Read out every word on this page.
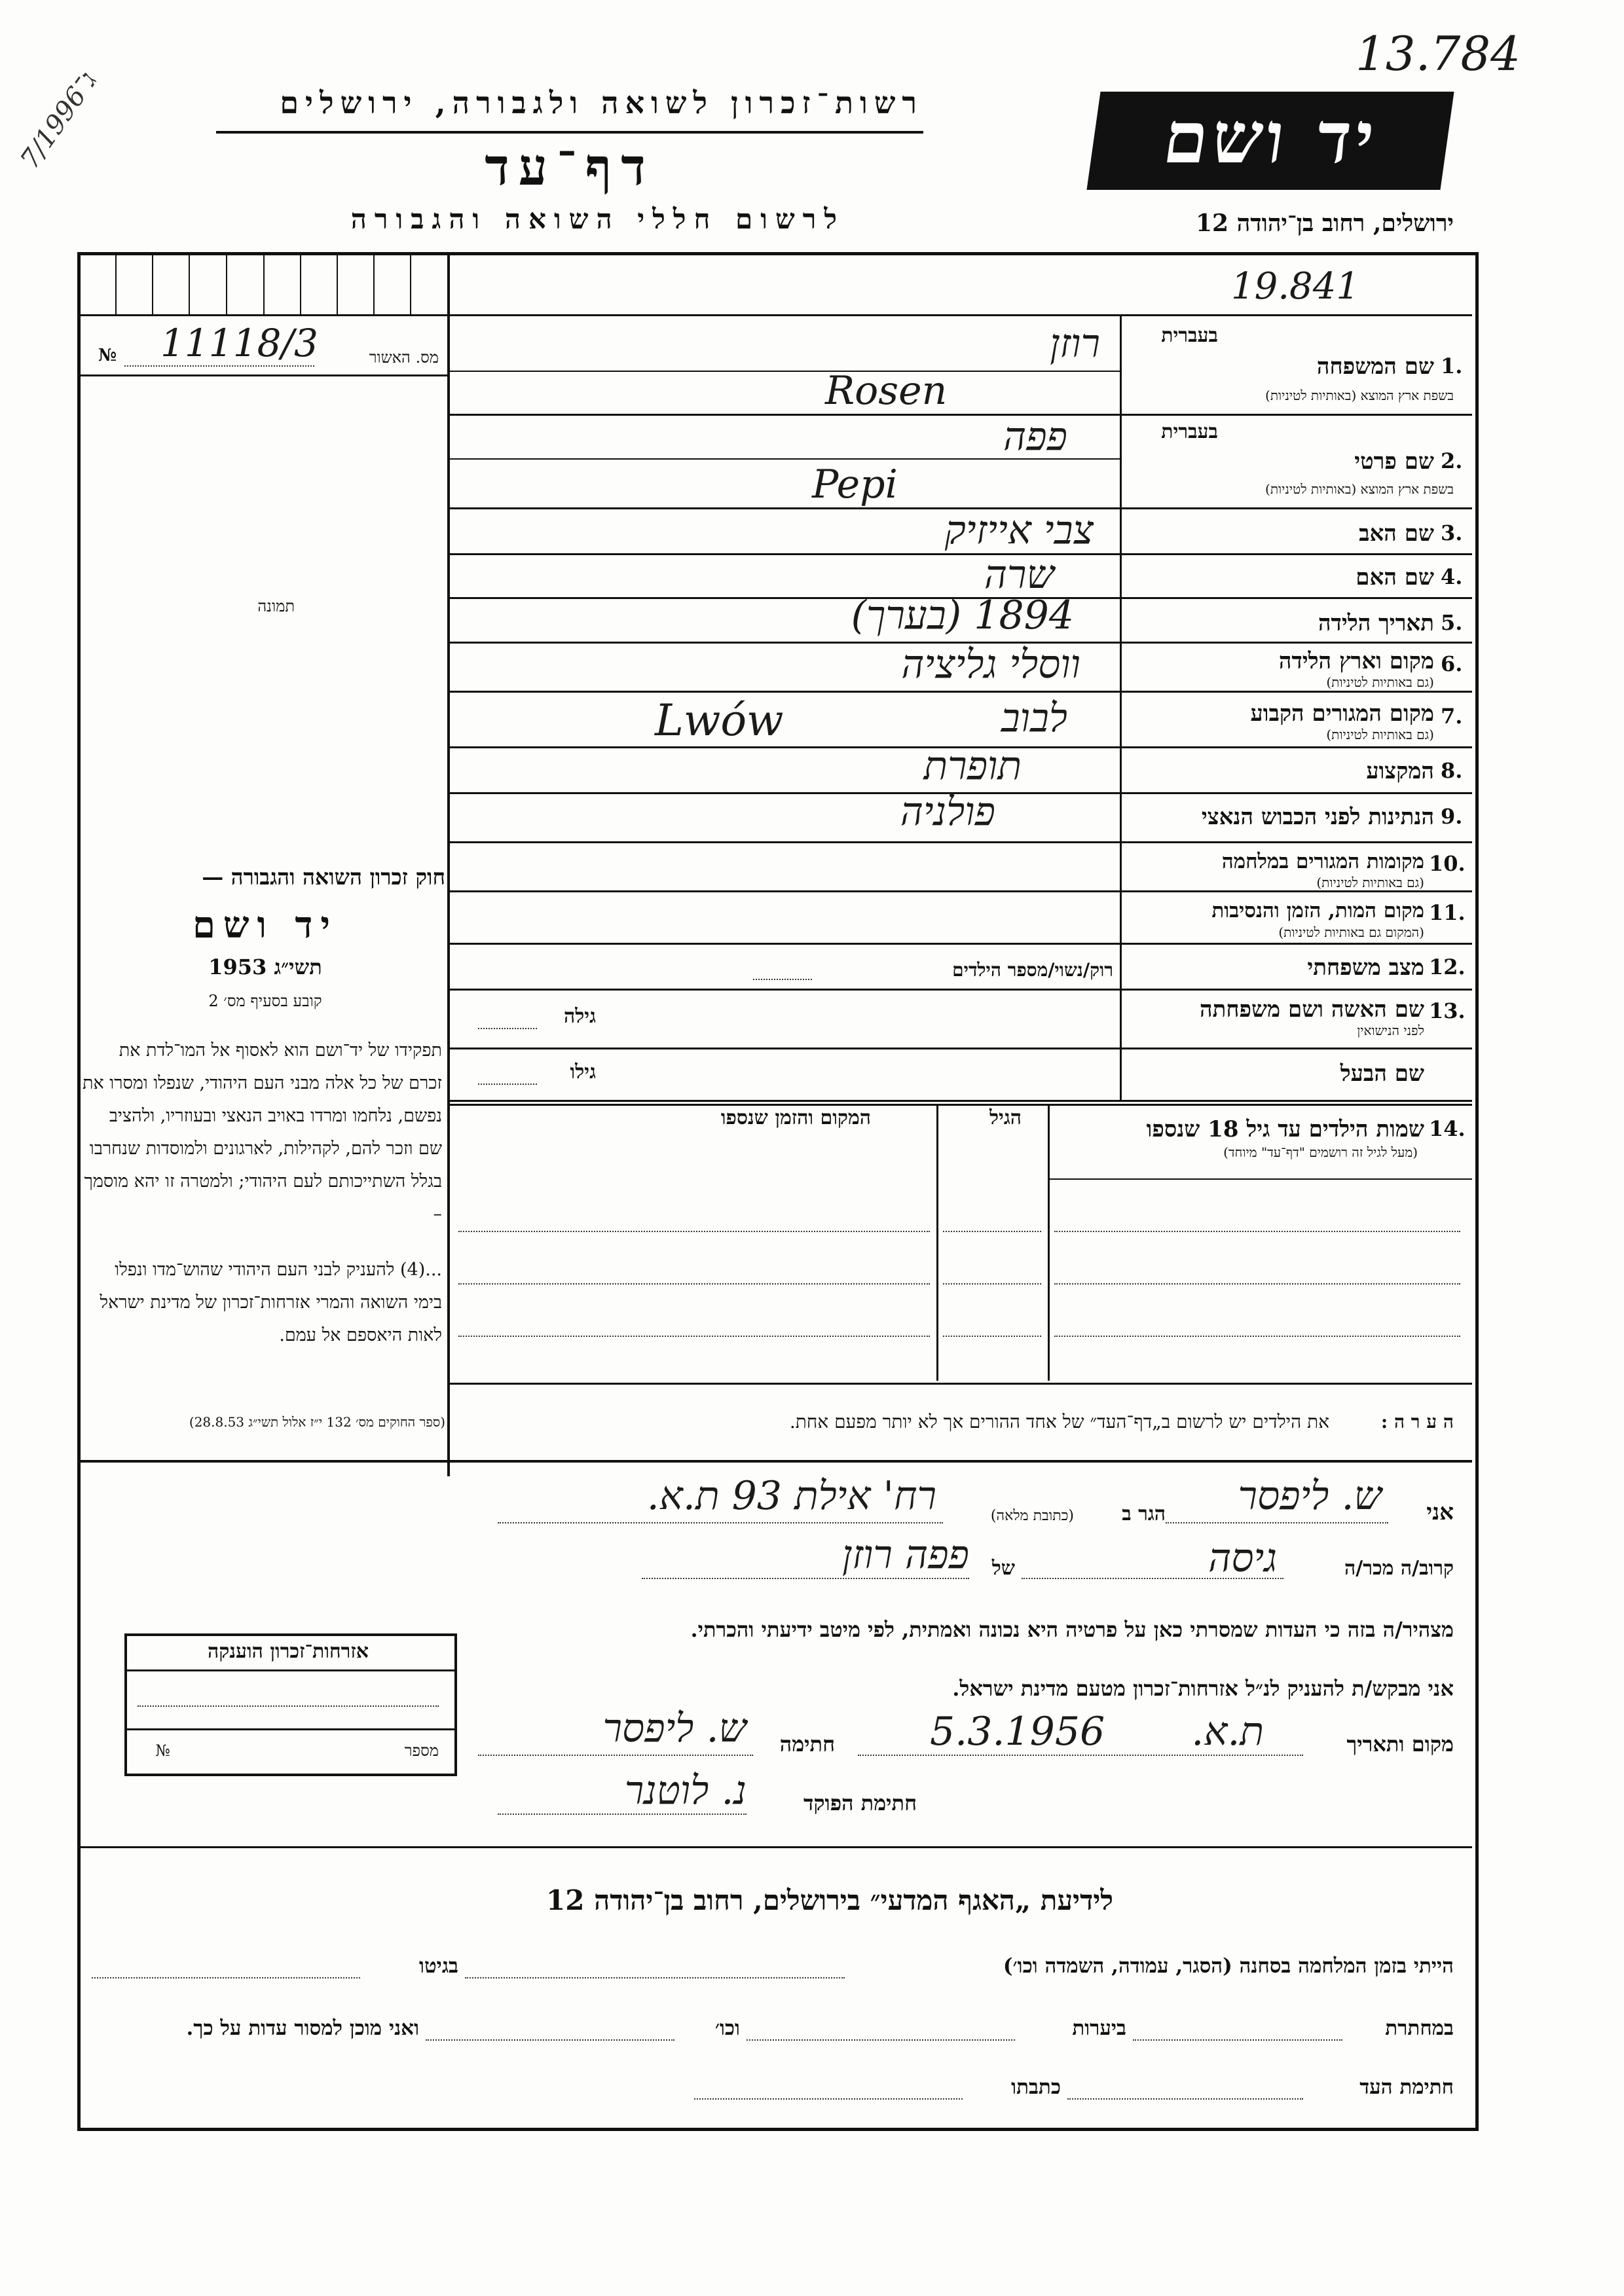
13.784
ג־7/1996
רשות־זכרון לשואה ולגבורה, ירושלים
דף־עד
לרשום חללי השואה והגבורה
יד ושם
ירושלים, רחוב בן־יהודה 12
19.841
№ 11118/3	מס. האשור
תמונה
בעברית
1.
שם המשפחה
בשפת ארץ המוצא (באותיות לטיניות)
רוזן
Rosen
בעברית
2.
שם פרטי
בשפת ארץ המוצא (באותיות לטיניות)
פפה
Pepi
3.
שם האב
צבי אייזיק
4.
שם האם
שרה
5.
תאריך הלידה
1894 (בערך)
6.
מקום וארץ הלידה
(גם באותיות לטיניות)
ווסלי גליציה
7.
מקום המגורים הקבוע
(גם באותיות לטיניות)
לבוב
Lwów
8.
המקצוע
תופרת
9.
הנתינות לפני הכבוש הנאצי
פולניה
10.
מקומות המגורים במלחמה
(גם באותיות לטיניות)
11.
מקום המות, הזמן והנסיבות
(המקום גם באותיות לטיניות)
12.
מצב משפחתי
רוק/נשוי/מספר הילדים
13.
שם האשה ושם משפחתה
לפני הנישואין
גילה
שם הבעל
גילו
14.
שמות הילדים עד גיל 18 שנספו
(מעל לגיל זה רושמים "דף־עד" מיוחד)
הגיל
המקום והזמן שנספו
ה ע ר ה :
את הילדים יש לרשום ב„דף־העד״ של אחד ההורים אך לא יותר מפעם אחת.
חוק זכרון השואה והגבורה —
יד ושם
תשי״ג 1953
קובע בסעיף מס׳ 2
תפקידו של יד־ושם הוא לאסוף אל המו־לדת את זכרם של כל אלה מבני העם היהודי, שנפלו ומסרו את נפשם, נלחמו ומרדו באויב הנאצי ובעוזריו, ולהציב שם וזכר להם, לקהילות, לארגונים ולמוסדות שנחרבו בגלל השתייכותם לעם היהודי; ולמטרה זו יהא מוסמך –
...(4) להעניק לבני העם היהודי שהוש־מדו ונפלו בימי השואה והמרי אזרחות־זכרון של מדינת ישראל לאות היאספם אל עמם.
(ספר החוקים מס׳ 132 י״ז אלול תשי״ג 28.8.53)
אני
ש. ליפסר
הגר ב
(כתובת מלאה)
רח' אילת 93 ת.א.
קרוב/ה מכר/ה
גיסה
של
פפה רוזן
מצהיר/ה בזה כי העדות שמסרתי כאן על פרטיה היא נכונה ואמתית, לפי מיטב ידיעתי והכרתי.
אזרחות־זכרון הוענקה
מספר
№
אני מבקש/ת להעניק לנ״ל אזרחות־זכרון מטעם מדינת ישראל.
מקום ותאריך
ת.א.
5.3.1956
חתימה
ש. ליפסר
חתימת הפוקד
נ. לוטנר
לידיעת „האגף המדעי״ בירושלים, רחוב בן־יהודה 12
הייתי בזמן המלחמה בסחנה (הסגר, עמודה, השמדה וכו׳)
בגיטו
במחתרת
ביערות
וכו׳
ואני מוכן למסור עדות על כך.
חתימת העד
כתבתו
